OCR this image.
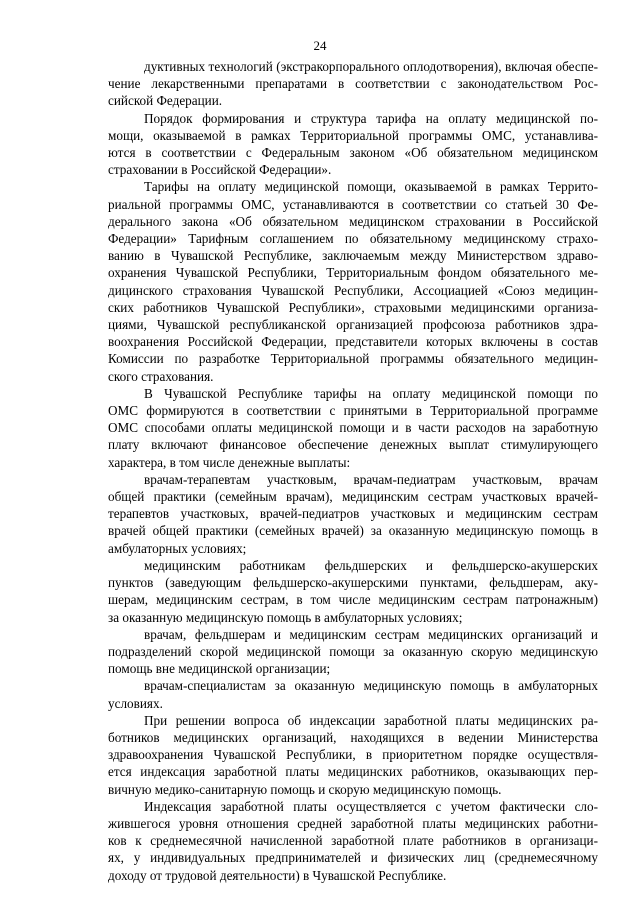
24

дуктивных технологий (экстракорпорального оплодотворения), включая обеспе-
чение лекарственными препаратами в соответствии с законодательством Рос-
сийской Федерации.

Порядок формирования и структура тарифа на оплату медицинской по-
мощи, оказываемой в рамках Территориальной программы ОМС, устанавлива-
ются в соответствии с Федеральным законом «Об обязательном медицинском
страховании в Российской Федерации».

Тарифы на оплату медицинской помощи, оказываемой в рамках Террито-
риальной программы ОМС, устанавливаются в соответствии со статьей 30 Фе-
дерального закона «Об обязательном медицинском страховании в Российской
Федерации» Тарифным соглашением по обязательному медицинскому страхо-
ванию в Чувашской Республике, заключаемым между Министерством здраво-
охранения Чувашской Республики, Территориальным фондом обязательного ме-
дицинского страхования Чувашской Республики, Ассоциацией «Союз медицин-
ских работников Чувашской Республики», страховыми медицинскими организа-
циями, Чувашской республиканской организацией профсоюза работников здра-
воохранения Российской Федерации, представители которых включены в состав
Комиссии по разработке Территориальной программы обязательного медицин-
ского страхования.

В Чувашской Республике тарифы на оплату медицинской помощи по
ОМС формируются в соответствии с принятыми в Территориальной программе
ОМС способами оплаты медицинской помощи и в части расходов на заработную
плату включают финансовое обеспечение денежных выплат стимулирующего
характера, в том числе денежные выплаты:

врачам-терапевтам участковым, врачам-педиатрам участковым, врачам
общей практики (семейным врачам), медицинским сестрам участковых врачей-
терапевтов участковых, врачей-педиатров участковых и медицинским сестрам
врачей общей практики (семейных врачей) за оказанную медицинскую помощь в
амбулаторных условиях;

медицинским работникам фельдшерских и фельдшерско-акушерских
пунктов (заведующим фельдшерско-акушерскими пунктами, фельдшерам, аку-
шерам, медицинским сестрам, в том числе медицинским сестрам патронажным)
за оказанную медицинскую помощь в амбулаторных условиях;

врачам, фельдшерам и медицинским сестрам медицинских организаций и
подразделений скорой медицинской помощи за оказанную скорую медицинскую
помощь вне медицинской организации;

врачам-специалистам за оказанную медицинскую помощь в амбулаторных
условиях.

При решении вопроса об индексации заработной платы медицинских ра-
ботников медицинских организаций, находящихся в ведении Министерства
здравоохранения Чувашской Республики, в приоритетном порядке осуществля-
ется индексация заработной платы медицинских работников, оказывающих пер-
вичную медико-санитарную помощь и скорую медицинскую помощь.

Индексация заработной платы осуществляется с учетом фактически сло-
жившегося уровня отношения средней заработной платы медицинских работни-
ков к среднемесячной начисленной заработной плате работников в организаци-
ях, у индивидуальных предпринимателей и физических лиц (среднемесячному
доходу от трудовой деятельности) в Чувашской Республике.
